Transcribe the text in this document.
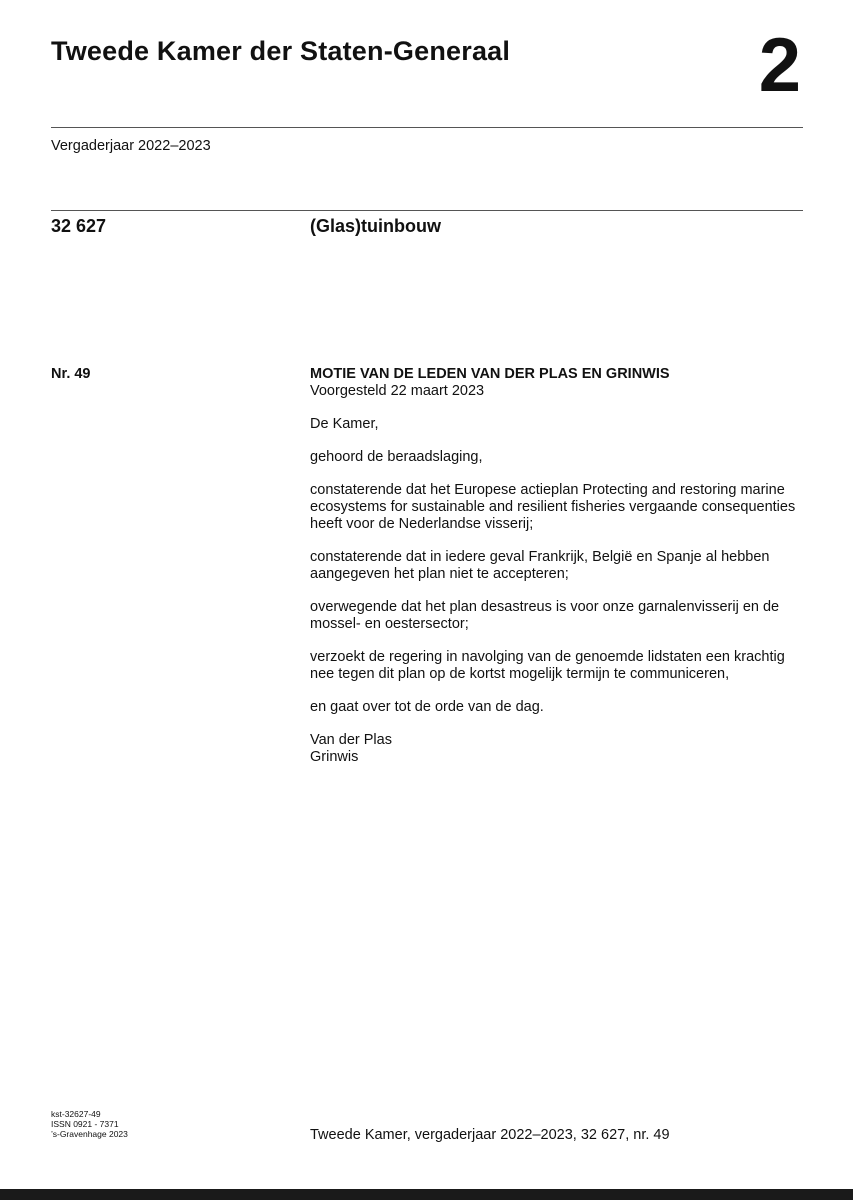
Tweede Kamer der Staten-Generaal	2
Vergaderjaar 2022–2023
32 627	(Glas)tuinbouw
Nr. 49	MOTIE VAN DE LEDEN VAN DER PLAS EN GRINWIS
Voorgesteld 22 maart 2023

De Kamer,

gehoord de beraadslaging,

constaterende dat het Europese actieplan Protecting and restoring marine ecosystems for sustainable and resilient fisheries vergaande consequenties heeft voor de Nederlandse visserij;

constaterende dat in iedere geval Frankrijk, België en Spanje al hebben aangegeven het plan niet te accepteren;

overwegende dat het plan desastreus is voor onze garnalenvisserij en de mossel- en oestersector;

verzoekt de regering in navolging van de genoemde lidstaten een krachtig nee tegen dit plan op de kortst mogelijk termijn te communiceren,

en gaat over tot de orde van de dag.

Van der Plas
Grinwis
kst-32627-49
ISSN 0921 - 7371
’s-Gravenhage 2023	Tweede Kamer, vergaderjaar 2022–2023, 32 627, nr. 49
